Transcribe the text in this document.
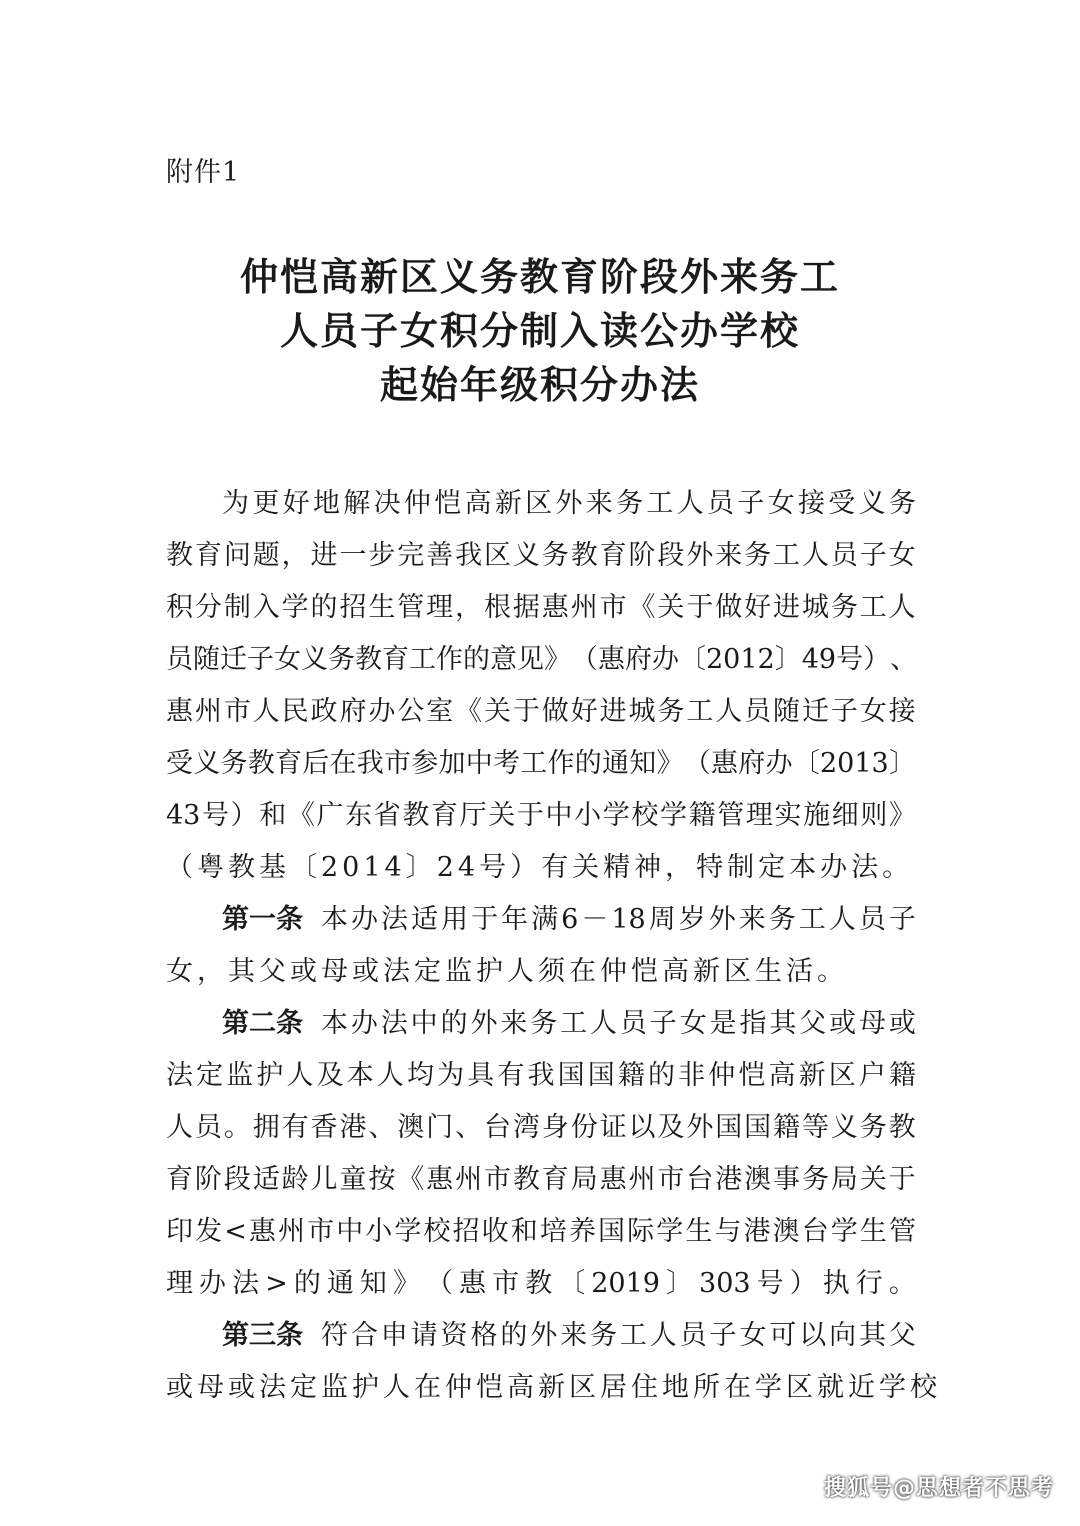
附件1
仲恺高新区义务教育阶段外来务工
人员子女积分制入读公办学校
起始年级积分办法
为 更 好 地 解 决 仲 恺 高 新 区 外 来 务 工 人 员 子 女 接 受 义 务
教 育 问 题 ， 进 一 步 完 善 我 区 义 务 教 育 阶 段 外 来 务 工 人 员 子 女
积 分 制 入 学 的 招 生 管 理 ， 根 据 惠 州 市 《 关 于 做 好 进 城 务 工 人
员 随 迁 子 女 义 务 教 育 工 作 的 意 见 》 （ 惠 府 办 〔 2012 〕 49 号 ） 、
惠 州 市 人 民 政 府 办 公 室 《 关 于 做 好 进 城 务 工 人 员 随 迁 子 女 接
受 义 务 教 育 后 在 我 市 参 加 中 考 工 作 的 通 知 》 （ 惠 府 办 〔 2013 〕
43 号 ） 和 《 广 东 省 教 育 厅 关 于 中 小 学 校 学 籍 管 理 实 施 细 则 》
（粤教基〔2014〕24号）有关精神，特制定本办法。
第一条 本 办 法 适 用 于 年 满 6 － 18 周 岁 外 来 务 工 人 员 子
女，其父或母或法定监护人须在仲恺高新区生活。
第二条 本 办 法 中 的 外 来 务 工 人 员 子 女 是 指 其 父 或 母 或
法 定 监 护 人 及 本 人 均 为 具 有 我 国 国 籍 的 非 仲 恺 高 新 区 户 籍
人 员 。 拥 有 香 港 、 澳 门 、 台 湾 身 份 证 以 及 外 国 国 籍 等 义 务 教
育 阶 段 适 龄 儿 童 按 《 惠 州 市 教 育 局 惠 州 市 台 港 澳 事 务 局 关 于
印 发 < 惠 州 市 中 小 学 校 招 收 和 培 养 国 际 学 生 与 港 澳 台 学 生 管
理 办 法 > 的 通 知 》 （ 惠 市 教 〔 2019 〕 303 号 ） 执 行 。
第三条 符 合 申 请 资 格 的 外 来 务 工 人 员 子 女 可 以 向 其 父
或母或法定监护人在仲恺高新区居住地所在学区就近学校
搜狐号@思想者不思考
